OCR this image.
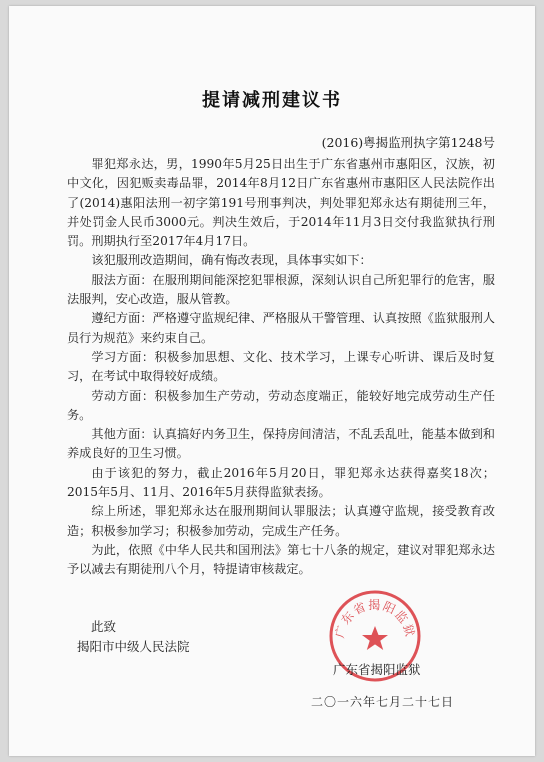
提请减刑建议书
(2016)粤揭监刑执字第1248号

罪犯郑永达，男，1990年5月25日出生于广东省惠州市惠阳区，汉族，初中文化，因犯贩卖毒品罪，2014年8月12日广东省惠州市惠阳区人民法院作出了(2014)惠阳法刑一初字第191号刑事判决，判处罪犯郑永达有期徒刑三年，并处罚金人民币3000元。判决生效后，于2014年11月3日交付我监狱执行刑罚。刑期执行至2017年4月17日。

该犯服刑改造期间，确有悔改表现，具体事实如下：

服法方面：在服刑期间能深挖犯罪根源，深刻认识自己所犯罪行的危害，服法服判，安心改造，服从管教。

遵纪方面：严格遵守监规纪律、严格服从干警管理、认真按照《监狱服刑人员行为规范》来约束自己。

学习方面：积极参加思想、文化、技术学习，上课专心听讲、课后及时复习，在考试中取得较好成绩。

劳动方面：积极参加生产劳动，劳动态度端正，能较好地完成劳动生产任务。

其他方面：认真搞好内务卫生，保持房间清洁，不乱丢乱吐，能基本做到和养成良好的卫生习惯。

由于该犯的努力，截止2016年5月20日，罪犯郑永达获得嘉奖18次；2015年5月、11月、2016年5月获得监狱表扬。

综上所述，罪犯郑永达在服刑期间认罪服法；认真遵守监规，接受教育改造；积极参加学习；积极参加劳动，完成生产任务。

为此，依照《中华人民共和国刑法》第七十八条的规定，建议对罪犯郑永达予以减去有期徒刑八个月，特提请审核裁定。

此致
揭阳市中级人民法院
广东省揭阳监狱
广东省揭阳监狱
二〇一六年七月二十七日
